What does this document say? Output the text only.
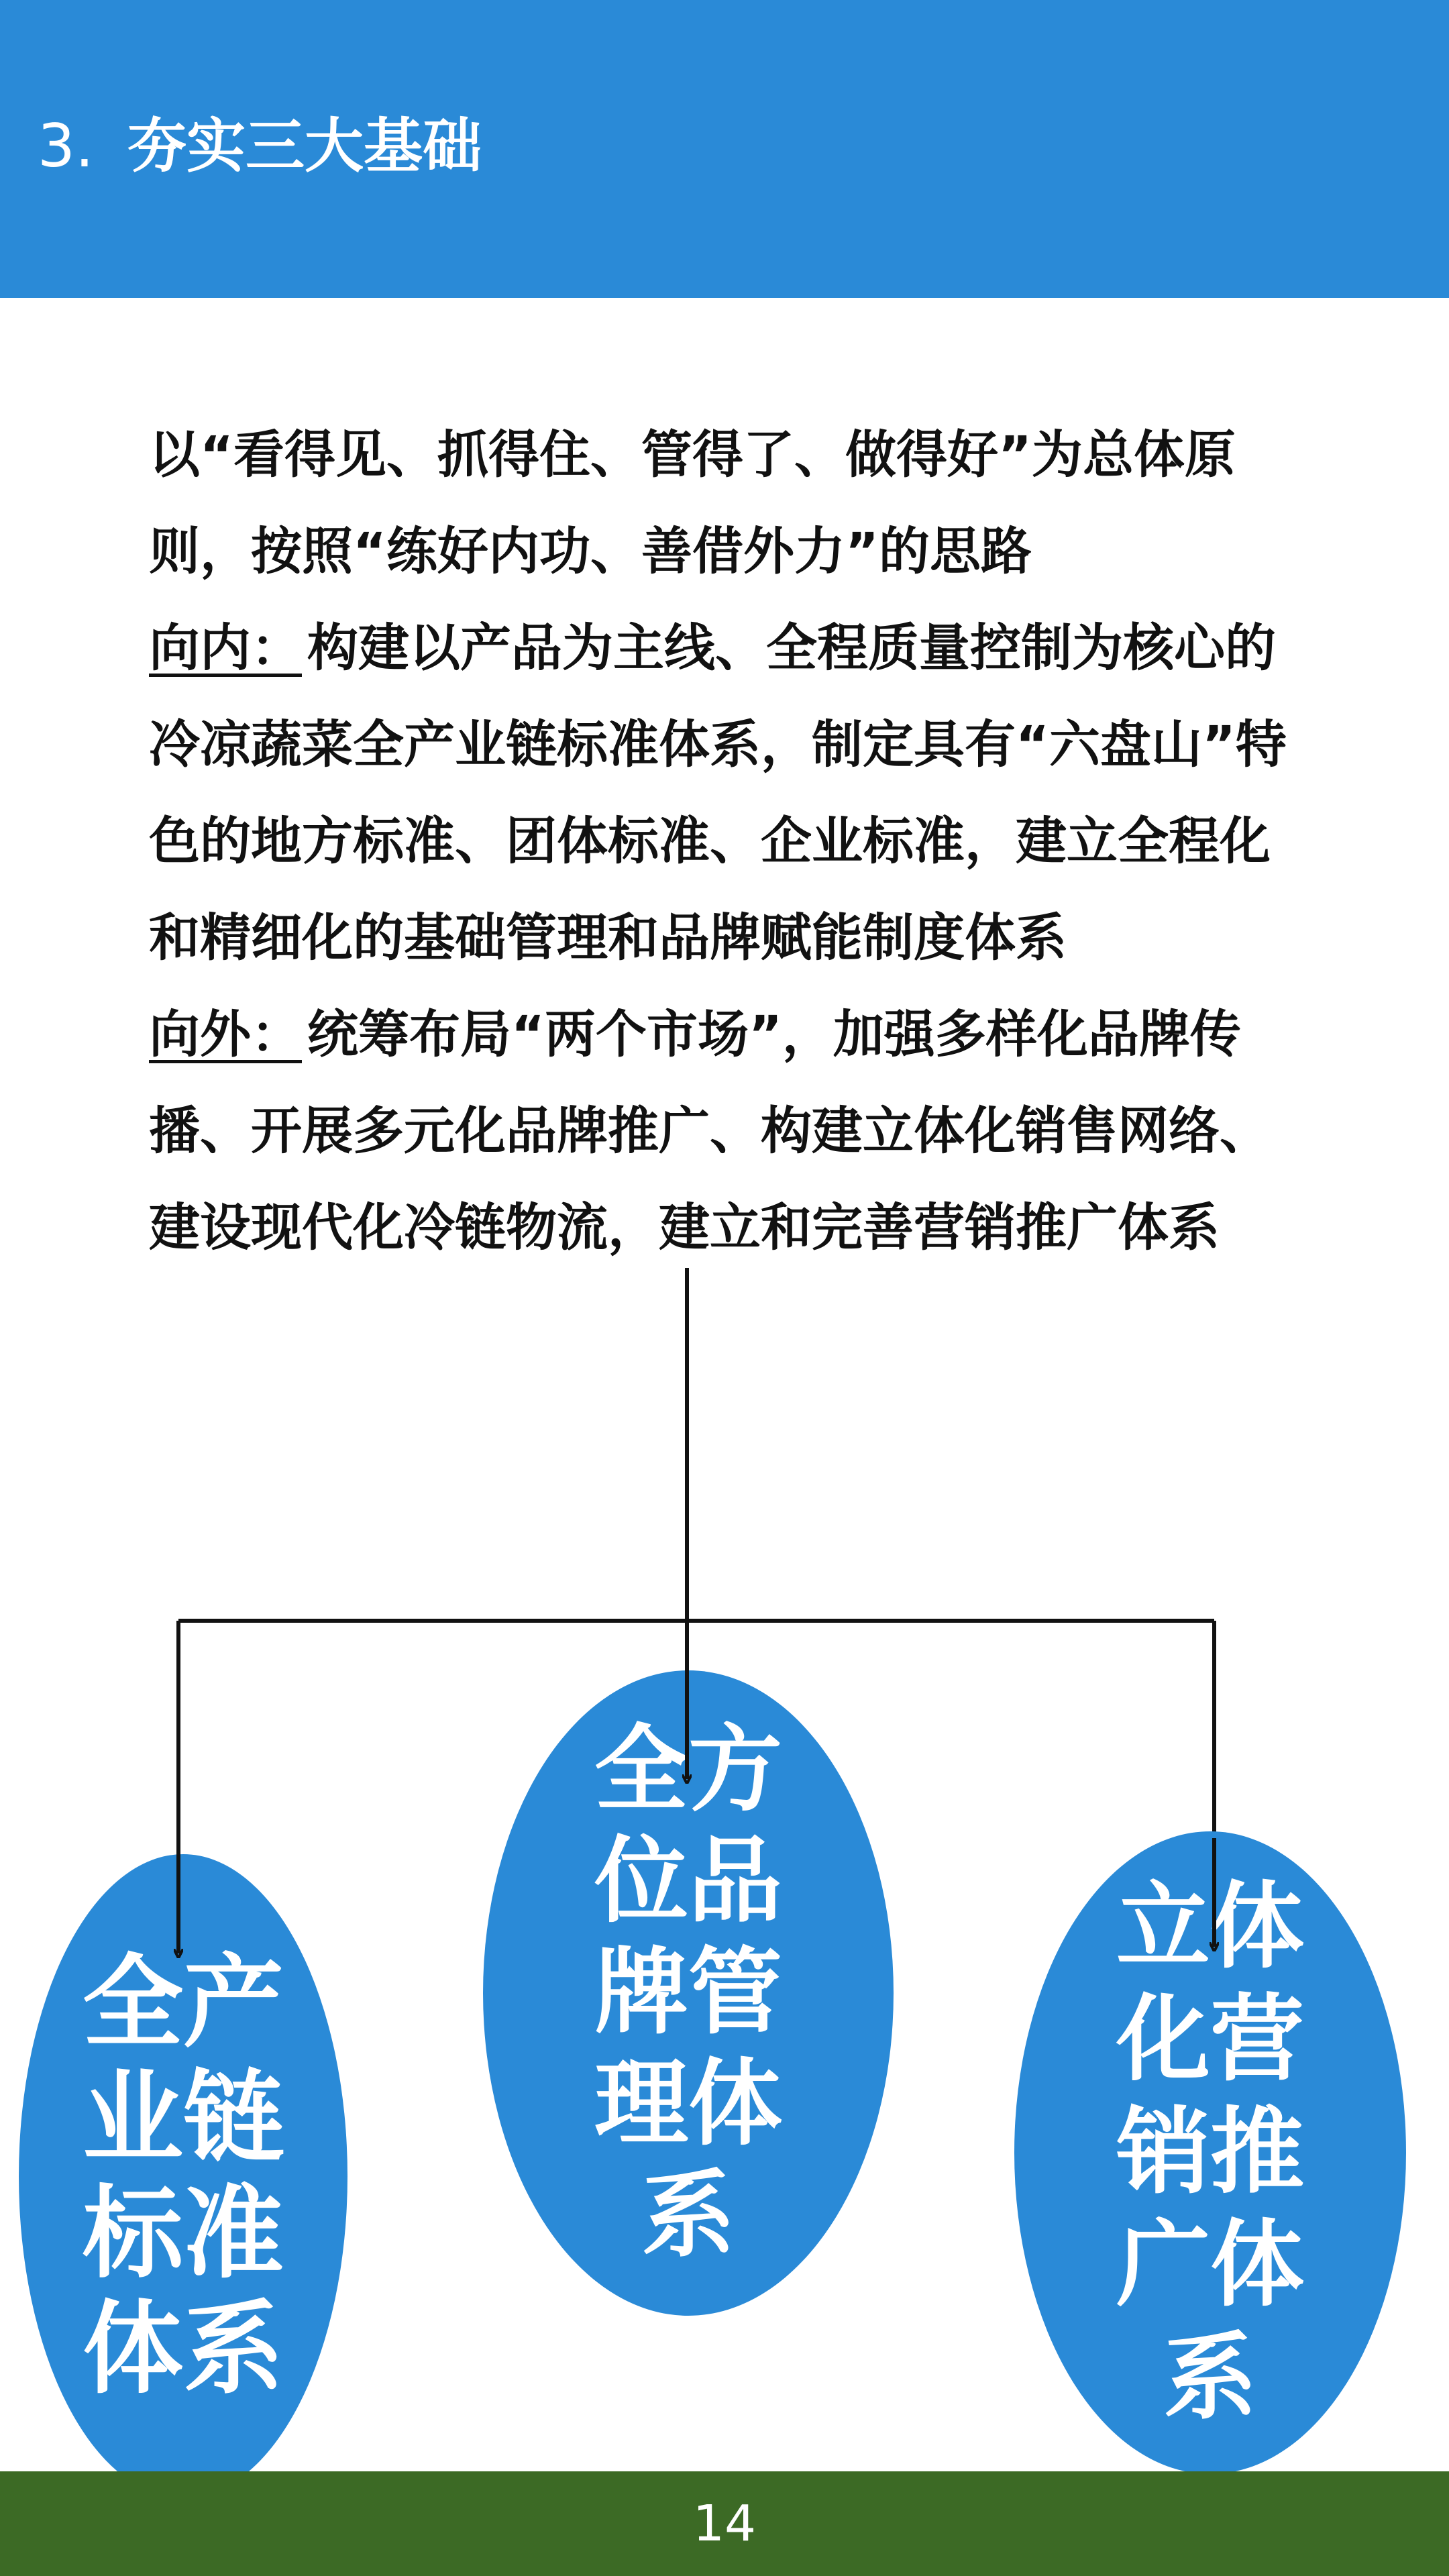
3. 夯实三大基础

以“看得见、抓得住、管得了、做得好”为总体原则，按照“练好内功、善借外力”的思路

向内： 构建以产品为主线、全程质量控制为核心的冷凉蔬菜全产业链标准体系，制定具有“六盘山”特色的地方标准、团体标准、企业标准，建立全程化和精细化的基础管理和品牌赋能制度体系

向外： 统筹布局“两个市场”，加强多样化品牌传播、开展多元化品牌推广、构建立体化销售网络、建设现代化冷链物流，建立和完善营销推广体系

全产业链标准体系
全方位品牌管理体系
立体化营销推广体系
14
